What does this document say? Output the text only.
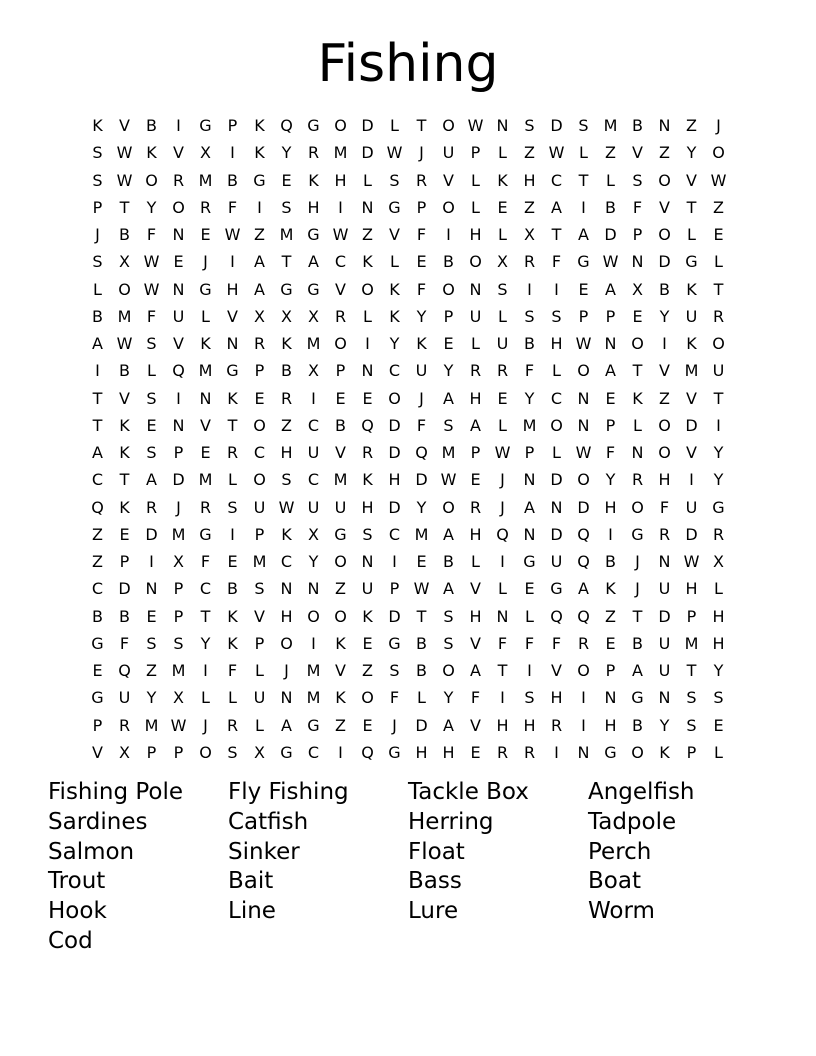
Fishing
K	V	B	I	G P	K Q G O D	L	T O W N S D S M B N Z	J
S W K	V	X	I	K	Y	R M D W	J	U	P	L	Z W L	Z	V	Z	Y O
S W O R M B G E	K H	L	S	R V	L	K H C	T	L	S O V W
P	T	Y O R	F	I	S H	I	N G P O	L	E	Z	A	I	B	F	V	T	Z
J	B	F	N E W Z M G W Z	V	F	I	H	L	X	T	A D	P O	L	E
S	X W E	J	I	A	T	A C	K	L	E	B O X R	F	G W N D G	L
L	O W N G H A G G V O K	F	O N S	I	I	E	A	X	B	K	T
B M F	U	L	V	X	X	X R	L	K	Y	P	U	L	S	S	P	P	E	Y	U R
A W S	V	K N R	K M O	I	Y	K	E	L	U B H W N O	I	K O
I	B	L	Q M G P	B	X	P	N C U	Y	R R	F	L	O A	T	V M U
T	V	S	I	N K	E	R	I	E	E O	J	A H E	Y	C N E	K	Z	V	T
T	K	E N V	T O Z C B Q D	F	S	A	L M O N	P	L	O D	I
A	K	S	P	E	R C H U V R D Q M P W P	L W F	N O V	Y
C	T	A D M L	O S	C M K H D W E	J	N D O Y	R H	I	Y
Q K	R	J	R	S	U W U U H D Y O R	J	A N D H O	F	U G
Z	E D M G	I	P	K	X G S	C M A H Q N D Q	I	G R D R
Z	P	I	X	F	E M C	Y O N	I	E	B	L	I	G U Q B	J	N W X
C D N	P	C B	S N N Z U	P W A	V	L	E G A	K	J	U H	L
B	B	E	P	T	K	V H O O K D T	S H N	L	Q Q Z	T D	P	H
G	F	S	S	Y	K	P O	I	K	E G B	S	V	F	F	F	R	E	B U M H
E Q Z M	I	F	L	J	M V	Z	S	B O A	T	I	V O P	A U	T	Y
G U	Y	X	L	L	U N M K O	F	L	Y	F	I	S H	I	N G N S	S
P	R M W	J	R	L	A G Z	E	J	D A	V H H R	I	H B	Y	S	E
V	X	P	P O S	X G C	I	Q G H H E	R R	I	N G O K	P	L
Fishing Pole	Fly Fishing	Tackle Box	Angelfish
Sardines	Catfish	Herring	Tadpole
Salmon	Sinker	Float	Perch
Trout	Bait	Bass	Boat
Hook	Line	Lure	Worm
Cod
